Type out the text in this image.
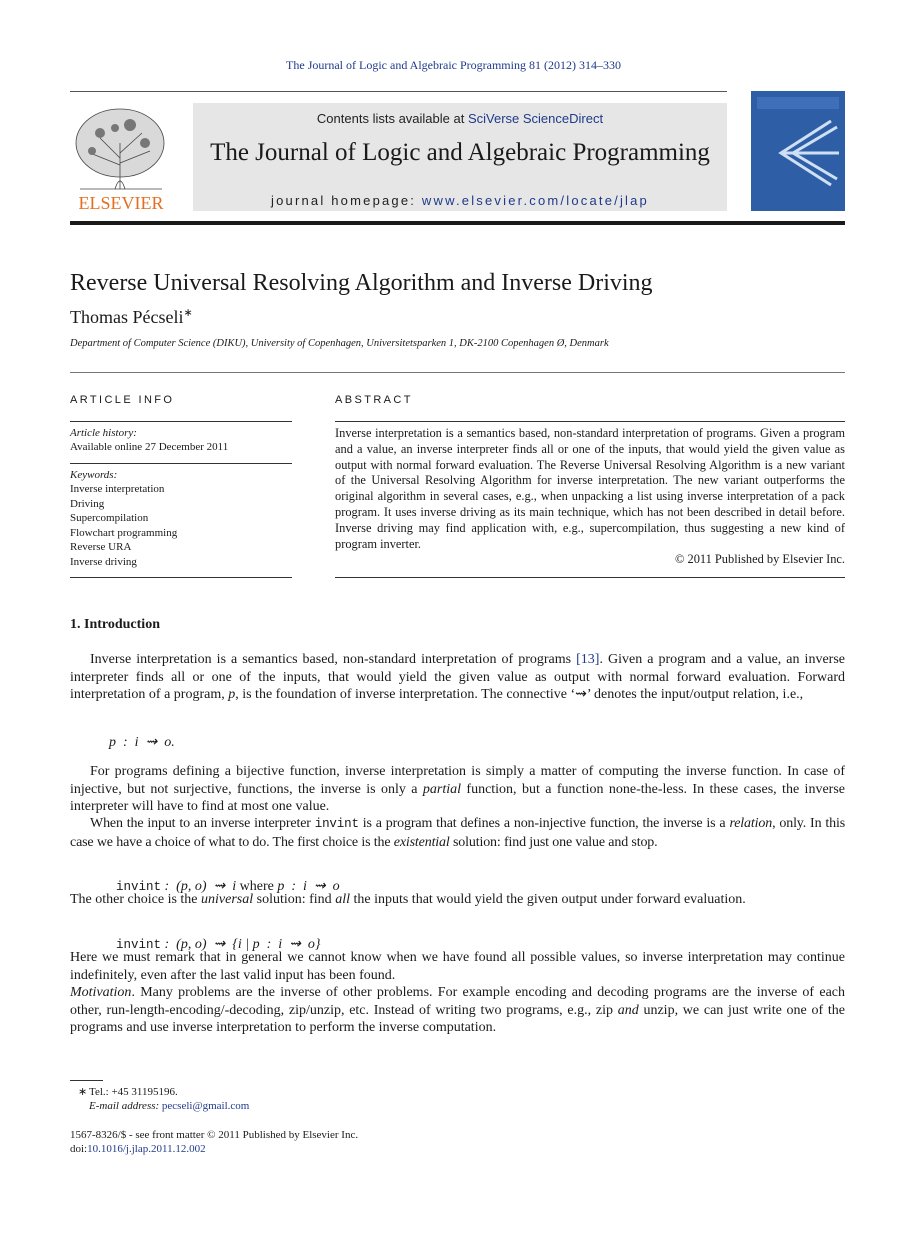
The Journal of Logic and Algebraic Programming 81 (2012) 314–330
ELSEVIER
Contents lists available at SciVerse ScienceDirect
The Journal of Logic and Algebraic Programming
journal homepage: www.elsevier.com/locate/jlap
Reverse Universal Resolving Algorithm and Inverse Driving
Thomas Pécseli∗
Department of Computer Science (DIKU), University of Copenhagen, Universitetsparken 1, DK-2100 Copenhagen Ø, Denmark
ARTICLE INFO
Article history:
Available online 27 December 2011
Keywords:
Inverse interpretation
Driving
Supercompilation
Flowchart programming
Reverse URA
Inverse driving
ABSTRACT
Inverse interpretation is a semantics based, non-standard interpretation of programs. Given a program and a value, an inverse interpreter finds all or one of the inputs, that would yield the given value as output with normal forward evaluation. The Reverse Universal Resolving Algorithm is a new variant of the Universal Resolving Algorithm for inverse interpretation. The new variant outperforms the original algorithm in several cases, e.g., when unpacking a list using inverse interpretation of a pack program. It uses inverse driving as its main technique, which has not been described in detail before. Inverse driving may find application with, e.g., supercompilation, thus suggesting a new kind of program inverter.
© 2011 Published by Elsevier Inc.
1. Introduction
Inverse interpretation is a semantics based, non-standard interpretation of programs [13]. Given a program and a value, an inverse interpreter finds all or one of the inputs, that would yield the given value as output with normal forward evaluation. Forward interpretation of a program, p, is the foundation of inverse interpretation. The connective ‘⇝’ denotes the input/output relation, i.e.,
p  :  i  ⇝  o.
For programs defining a bijective function, inverse interpretation is simply a matter of computing the inverse function. In case of injective, but not surjective, functions, the inverse is only a partial function, but a function none-the-less. In these cases, the inverse interpreter will have to find at most one value.
When the input to an inverse interpreter invint is a program that defines a non-injective function, the inverse is a relation, only. In this case we have a choice of what to do. The first choice is the existential solution: find just one value and stop.

invint :  (p, o)  ⇝  i where p  :  i  ⇝  o

The other choice is the universal solution: find all the inputs that would yield the given output under forward evaluation.

invint :  (p, o)  ⇝  {i | p  :  i  ⇝  o}

Here we must remark that in general we cannot know when we have found all possible values, so inverse interpretation may continue indefinitely, even after the last valid input has been found.
Motivation. Many problems are the inverse of other problems. For example encoding and decoding programs are the inverse of each other, run-length-encoding/-decoding, zip/unzip, etc. Instead of writing two programs, e.g., zip and unzip, we can just write one of the programs and use inverse interpretation to perform the inverse computation.
∗ Tel.: +45 31195196.
E-mail address: pecseli@gmail.com
1567-8326/$ - see front matter © 2011 Published by Elsevier Inc.
doi:10.1016/j.jlap.2011.12.002
